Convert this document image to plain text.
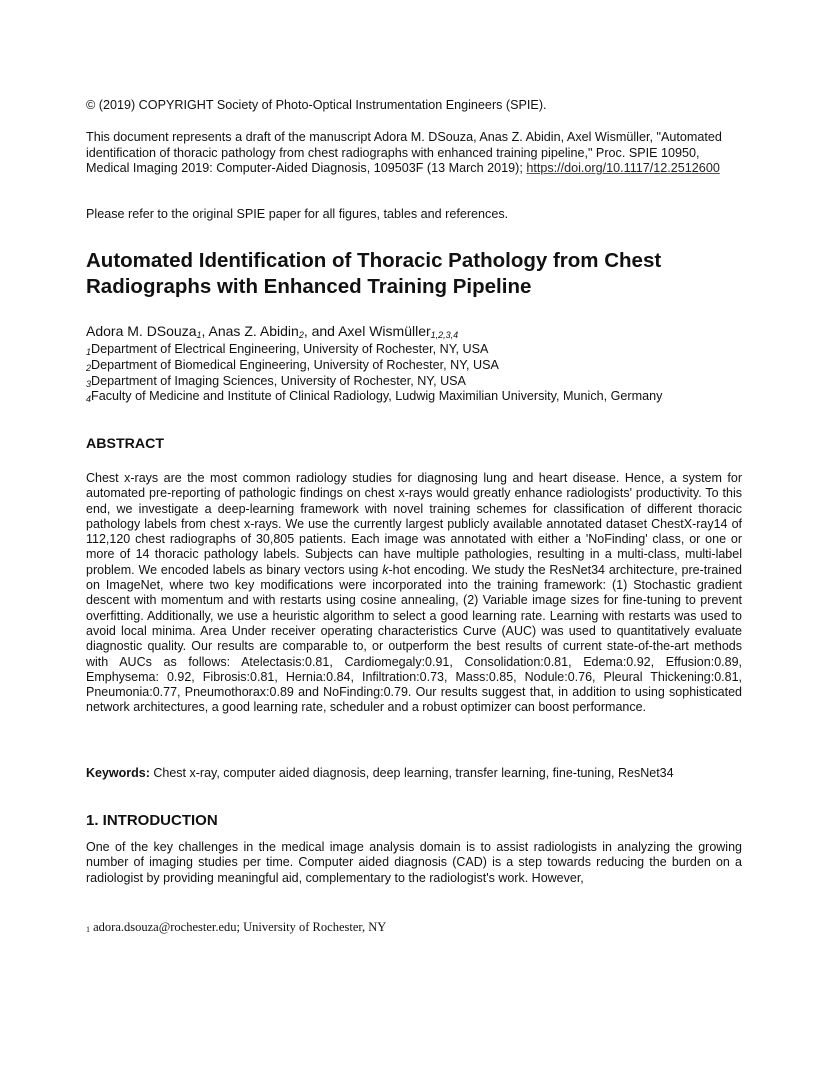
© (2019) COPYRIGHT Society of Photo-Optical Instrumentation Engineers (SPIE).
This document represents a draft of the manuscript Adora M. DSouza, Anas Z. Abidin, Axel Wismüller, "Automated identification of thoracic pathology from chest radiographs with enhanced training pipeline," Proc. SPIE 10950, Medical Imaging 2019: Computer-Aided Diagnosis, 109503F (13 March 2019); https://doi.org/10.1117/12.2512600
Please refer to the original SPIE paper for all figures, tables and references.
Automated Identification of Thoracic Pathology from Chest Radiographs with Enhanced Training Pipeline
Adora M. DSouza$_1$, Anas Z. Abidin$_2$, and Axel Wismüller$_{1,2,3,4}$
$_1$Department of Electrical Engineering, University of Rochester, NY, USA
$_2$Department of Biomedical Engineering, University of Rochester, NY, USA
$_3$Department of Imaging Sciences, University of Rochester, NY, USA
$_4$Faculty of Medicine and Institute of Clinical Radiology, Ludwig Maximilian University, Munich, Germany
ABSTRACT

Chest x-rays are the most common radiology studies for diagnosing lung and heart disease. Hence, a system for automated pre-reporting of pathologic findings on chest x-rays would greatly enhance radiologists' productivity. To this end, we investigate a deep-learning framework with novel training schemes for classification of different thoracic pathology labels from chest x-rays. We use the currently largest publicly available annotated dataset ChestX-ray14 of 112,120 chest radiographs of 30,805 patients. Each image was annotated with either a 'NoFinding' class, or one or more of 14 thoracic pathology labels. Subjects can have multiple pathologies, resulting in a multi-class, multi-label problem. We encoded labels as binary vectors using k-hot encoding. We study the ResNet34 architecture, pre-trained on ImageNet, where two key modifications were incorporated into the training framework: (1) Stochastic gradient descent with momentum and with restarts using cosine annealing, (2) Variable image sizes for fine-tuning to prevent overfitting. Additionally, we use a heuristic algorithm to select a good learning rate. Learning with restarts was used to avoid local minima. Area Under receiver operating characteristics Curve (AUC) was used to quantitatively evaluate diagnostic quality. Our results are comparable to, or outperform the best results of current state-of-the-art methods with AUCs as follows: Atelectasis:0.81, Cardiomegaly:0.91, Consolidation:0.81, Edema:0.92, Effusion:0.89, Emphysema: 0.92, Fibrosis:0.81, Hernia:0.84, Infiltration:0.73, Mass:0.85, Nodule:0.76, Pleural Thickening:0.81, Pneumonia:0.77, Pneumothorax:0.89 and NoFinding:0.79. Our results suggest that, in addition to using sophisticated network architectures, a good learning rate, scheduler and a robust optimizer can boost performance.

Keywords: Chest x-ray, computer aided diagnosis, deep learning, transfer learning, fine-tuning, ResNet34
1. INTRODUCTION

One of the key challenges in the medical image analysis domain is to assist radiologists in analyzing the growing number of imaging studies per time. Computer aided diagnosis (CAD) is a step towards reducing the burden on a radiologist by providing meaningful aid, complementary to the radiologist's work. However,

$^1$ adora.dsouza@rochester.edu; University of Rochester, NY
